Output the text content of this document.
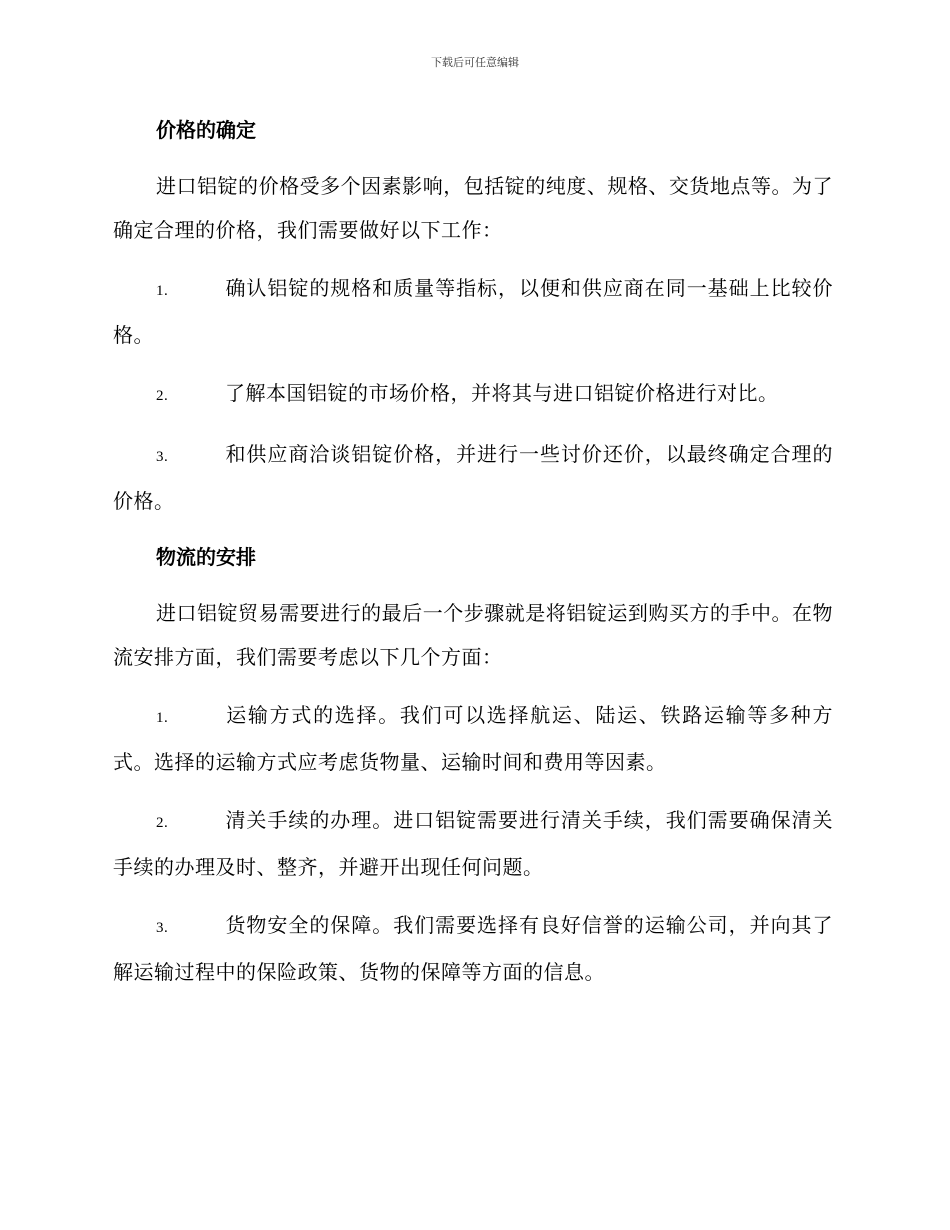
下载后可任意编辑

价格的确定

进口铝锭的价格受多个因素影响，包括锭的纯度、规格、交货地点等。为了确定合理的价格，我们需要做好以下工作：

1.	确认铝锭的规格和质量等指标，以便和供应商在同一基础上比较价格。

2.	了解本国铝锭的市场价格，并将其与进口铝锭价格进行对比。

3.	和供应商洽谈铝锭价格，并进行一些讨价还价，以最终确定合理的价格。

物流的安排

进口铝锭贸易需要进行的最后一个步骤就是将铝锭运到购买方的手中。在物流安排方面，我们需要考虑以下几个方面：

1.	运输方式的选择。我们可以选择航运、陆运、铁路运输等多种方式。选择的运输方式应考虑货物量、运输时间和费用等因素。

2.	清关手续的办理。进口铝锭需要进行清关手续，我们需要确保清关手续的办理及时、整齐，并避开出现任何问题。

3.	货物安全的保障。我们需要选择有良好信誉的运输公司，并向其了解运输过程中的保险政策、货物的保障等方面的信息。
